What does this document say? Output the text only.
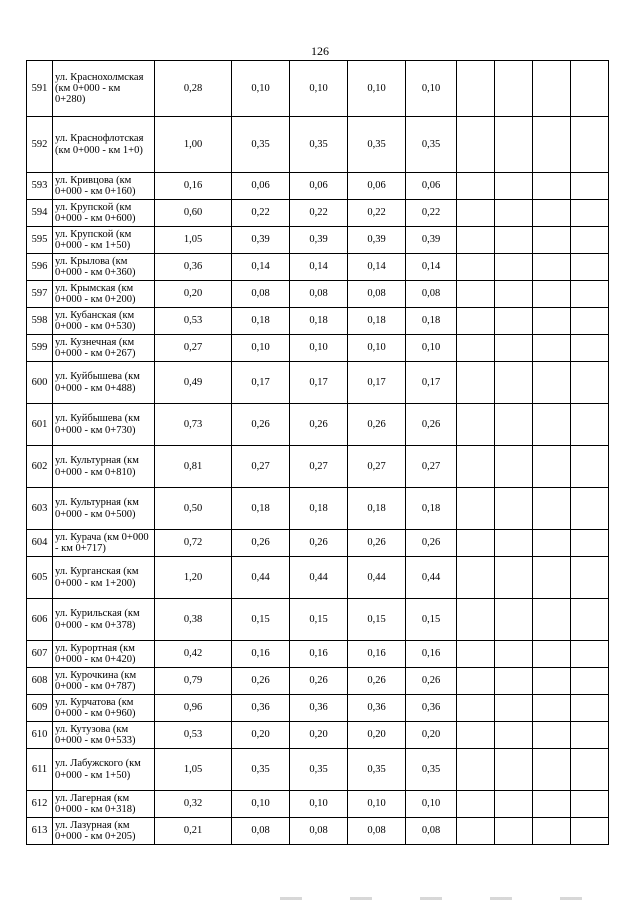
126
591	ул. Краснохолмская (км 0+000 - км 0+280)	0,28	0,10	0,10	0,10	0,10				
592	ул. Краснофлотская (км 0+000 - км 1+0)	1,00	0,35	0,35	0,35	0,35				
593	ул. Кривцова (км 0+000 - км 0+160)	0,16	0,06	0,06	0,06	0,06				
594	ул. Крупской (км 0+000 - км 0+600)	0,60	0,22	0,22	0,22	0,22				
595	ул. Крупской (км 0+000 - км 1+50)	1,05	0,39	0,39	0,39	0,39				
596	ул. Крылова (км 0+000 - км 0+360)	0,36	0,14	0,14	0,14	0,14				
597	ул. Крымская (км 0+000 - км 0+200)	0,20	0,08	0,08	0,08	0,08				
598	ул. Кубанская (км 0+000 - км 0+530)	0,53	0,18	0,18	0,18	0,18				
599	ул. Кузнечная (км 0+000 - км 0+267)	0,27	0,10	0,10	0,10	0,10				
600	ул. Куйбышева (км 0+000 - км 0+488)	0,49	0,17	0,17	0,17	0,17				
601	ул. Куйбышева (км 0+000 - км 0+730)	0,73	0,26	0,26	0,26	0,26				
602	ул. Культурная (км 0+000 - км 0+810)	0,81	0,27	0,27	0,27	0,27				
603	ул. Культурная (км 0+000 - км 0+500)	0,50	0,18	0,18	0,18	0,18				
604	ул. Курача (км 0+000 - км 0+717)	0,72	0,26	0,26	0,26	0,26				
605	ул. Курганская (км 0+000 - км 1+200)	1,20	0,44	0,44	0,44	0,44				
606	ул. Курильская (км 0+000 - км 0+378)	0,38	0,15	0,15	0,15	0,15				
607	ул. Курортная (км 0+000 - км 0+420)	0,42	0,16	0,16	0,16	0,16				
608	ул. Курочкина (км 0+000 - км 0+787)	0,79	0,26	0,26	0,26	0,26				
609	ул. Курчатова (км 0+000 - км 0+960)	0,96	0,36	0,36	0,36	0,36				
610	ул. Кутузова (км 0+000 - км 0+533)	0,53	0,20	0,20	0,20	0,20				
611	ул. Лабужского (км 0+000 - км 1+50)	1,05	0,35	0,35	0,35	0,35				
612	ул. Лагерная (км 0+000 - км 0+318)	0,32	0,10	0,10	0,10	0,10				
613	ул. Лазурная (км 0+000 - км 0+205)	0,21	0,08	0,08	0,08	0,08				
